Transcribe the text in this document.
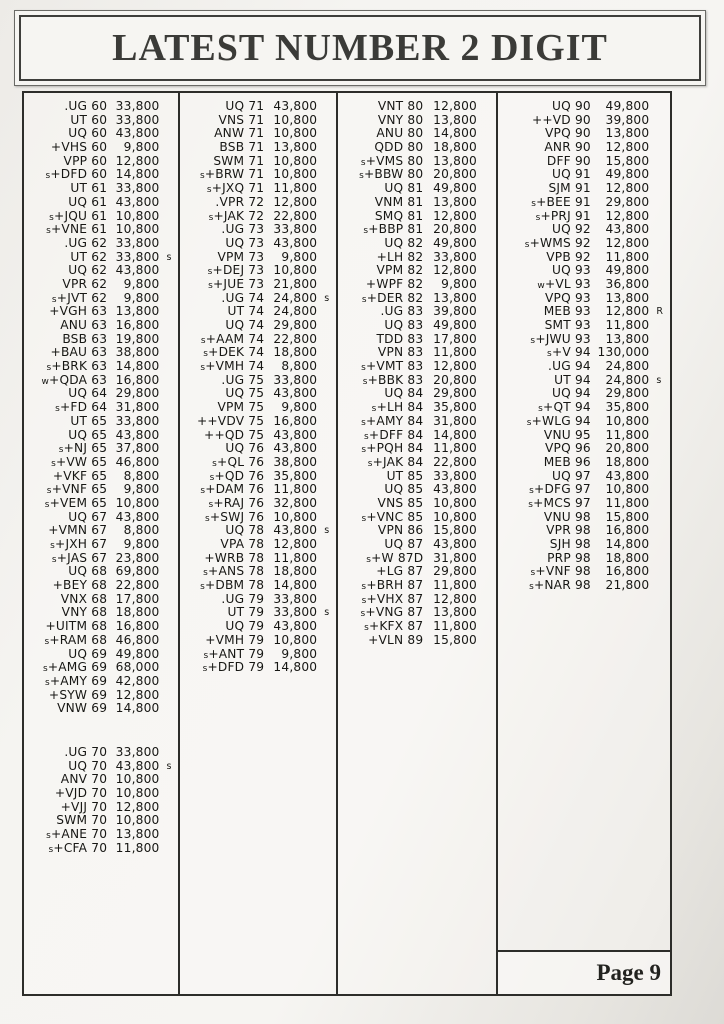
LATEST NUMBER 2 DIGIT
.UG 60 33,800
UT 60 33,800
UQ 60 43,800
+VHS 60	9,800
VPP 60 12,800
s+DFD 60 14,800
UT 61 33,800
UQ 61 43,800
s+JQU 61 10,800
s+VNE 61 10,800
.UG 62 33,800
UT 62 33,800 s
UQ 62 43,800
VPR 62	9,800
s+JVT 62	9,800
+VGH 63 13,800
ANU 63 16,800
BSB 63 19,800
+BAU 63 38,800
s+BRK 63 14,800
w+QDA 63 16,800
UQ 64 29,800
s+FD 64 31,800
UT 65 33,800
UQ 65 43,800
s+NJ 65 37,800
s+VW 65 46,800
+VKF 65	8,800
s+VNF 65	9,800
s+VEM 65 10,800
UQ 67 43,800
+VMN 67	8,800
s+JXH 67	9,800
s+JAS 67 23,800
UQ 68 69,800
+BEY 68 22,800
VNX 68 17,800
VNY 68 18,800
+UITM 68 16,800
s+RAM 68 46,800
UQ 69 49,800
s+AMG 69 68,000
s+AMY 69 42,800
+SYW 69 12,800
VNW 69 14,800
.UG 70 33,800
UQ 70 43,800 s
ANV 70 10,800
+VJD 70 10,800
+VJJ 70 12,800
SWM 70 10,800
s+ANE 70 13,800
s+CFA 70 11,800
UQ 71 43,800
VNS 71 10,800
ANW 71 10,800
BSB 71 13,800
SWM 71 10,800
s+BRW 71 10,800
s+JXQ 71 11,800
.VPR 72 12,800
s+JAK 72 22,800
.UG 73 33,800
UQ 73 43,800
VPM 73	9,800
s+DEJ 73 10,800
s+JUE 73 21,800
.UG 74 24,800 s
UT 74 24,800
UQ 74 29,800
s+AAM 74 22,800
s+DEK 74 18,800
s+VMH 74	8,800
.UG 75 33,800
UQ 75 43,800
VPM 75	9,800
++VDV 75 16,800
++QD 75 43,800
UQ 76 43,800
s+QL 76 38,800
s+QD 76 35,800
s+DAM 76 11,800
s+RAJ 76 32,800
s+SWJ 76 10,800
UQ 78 43,800 s
VPA 78 12,800
+WRB 78 11,800
s+ANS 78 18,800
s+DBM 78 14,800
.UG 79 33,800
UT 79 33,800 s
UQ 79 43,800
+VMH 79 10,800
s+ANT 79	9,800
s+DFD 79 14,800
VNT 80 12,800
VNY 80 13,800
ANU 80 14,800
QDD 80 18,800
s+VMS 80 13,800
s+BBW 80 20,800
UQ 81 49,800
VNM 81 13,800
SMQ 81 12,800
s+BBP 81 20,800
UQ 82 49,800
+LH 82 33,800
VPM 82 12,800
+WPF 82	9,800
s+DER 82 13,800
.UG 83 39,800
UQ 83 49,800
TDD 83 17,800
VPN 83 11,800
s+VMT 83 12,800
s+BBK 83 20,800
UQ 84 29,800
s+LH 84 35,800
s+AMY 84 31,800
s+DFF 84 14,800
s+PQH 84 11,800
s+JAK 84 22,800
UT 85 33,800
UQ 85 43,800
VNS 85 10,800
s+VNC 85 10,800
VPN 86 15,800
UQ 87 43,800
s+W 87D 31,800
+LG 87 29,800
s+BRH 87 11,800
s+VHX 87 12,800
s+VNG 87 13,800
s+KFX 87 11,800
+VLN 89 15,800
Page 9
UQ 90	49,800
++VD 90	39,800
VPQ 90	13,800
ANR 90	12,800
DFF 90	15,800
UQ 91	49,800
SJM 91	12,800
s+BEE 91	29,800
s+PRJ 91	12,800
UQ 92	43,800
s+WMS 92	12,800
VPB 92	11,800
UQ 93	49,800
w+VL 93	36,800
VPQ 93	13,800
MEB 93	12,800 R
SMT 93	11,800
s+JWU 93	13,800
s+V 94 130,000
.UG 94	24,800
UT 94	24,800 s
UQ 94	29,800
s+QT 94	35,800
s+WLG 94	10,800
VNU 95	11,800
VPQ 96	20,800
MEB 96	18,800
UQ 97	43,800
s+DFG 97	10,800
s+MCS 97	11,800
VNU 98	15,800
VPR 98	16,800
SJH 98	14,800
PRP 98	18,800
s+VNF 98	16,800
s+NAR 98	21,800
